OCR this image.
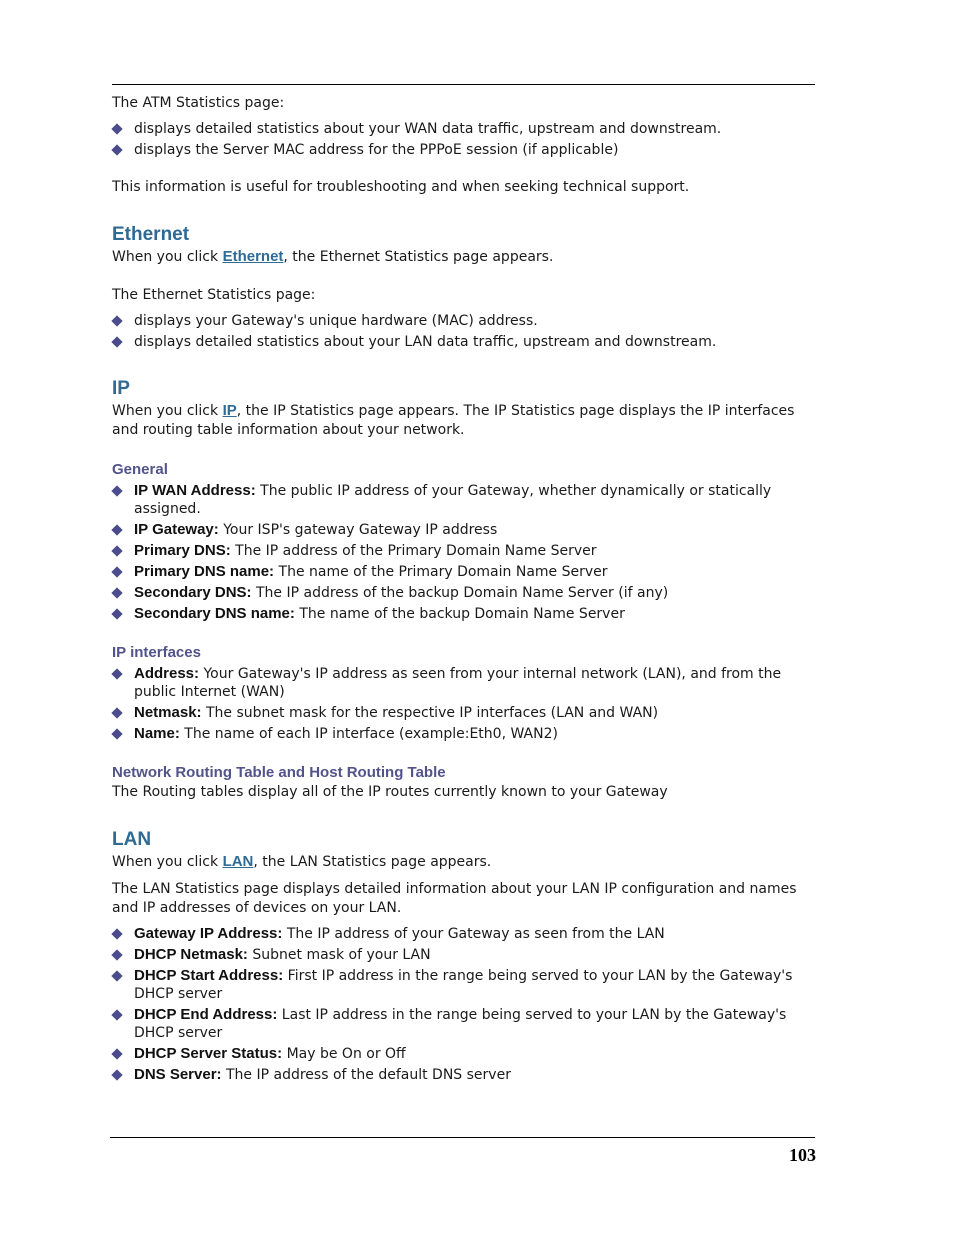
The ATM Statistics page:

displays detailed statistics about your WAN data traffic, upstream and downstream.
displays the Server MAC address for the PPPoE session (if applicable)

This information is useful for troubleshooting and when seeking technical support.

Ethernet

When you click Ethernet, the Ethernet Statistics page appears.

The Ethernet Statistics page:

displays your Gateway's unique hardware (MAC) address.
displays detailed statistics about your LAN data traffic, upstream and downstream.
IP

When you click IP, the IP Statistics page appears. The IP Statistics page displays the IP interfaces and routing table information about your network.

General
IP WAN Address: The public IP address of your Gateway, whether dynamically or statically assigned.
IP Gateway: Your ISP's gateway Gateway IP address
Primary DNS: The IP address of the Primary Domain Name Server
Primary DNS name: The name of the Primary Domain Name Server
Secondary DNS: The IP address of the backup Domain Name Server (if any)
Secondary DNS name: The name of the backup Domain Name Server
IP interfaces
Address: Your Gateway's IP address as seen from your internal network (LAN), and from the public Internet (WAN)
Netmask: The subnet mask for the respective IP interfaces (LAN and WAN)
Name: The name of each IP interface (example:Eth0, WAN2)
Network Routing Table and Host Routing Table

The Routing tables display all of the IP routes currently known to your Gateway

LAN

When you click LAN, the LAN Statistics page appears.

The LAN Statistics page displays detailed information about your LAN IP configuration and names and IP addresses of devices on your LAN.

Gateway IP Address: The IP address of your Gateway as seen from the LAN
DHCP Netmask: Subnet mask of your LAN
DHCP Start Address: First IP address in the range being served to your LAN by the Gateway's DHCP server
DHCP End Address: Last IP address in the range being served to your LAN by the Gateway's DHCP server
DHCP Server Status: May be On or Off
DNS Server: The IP address of the default DNS server
103
